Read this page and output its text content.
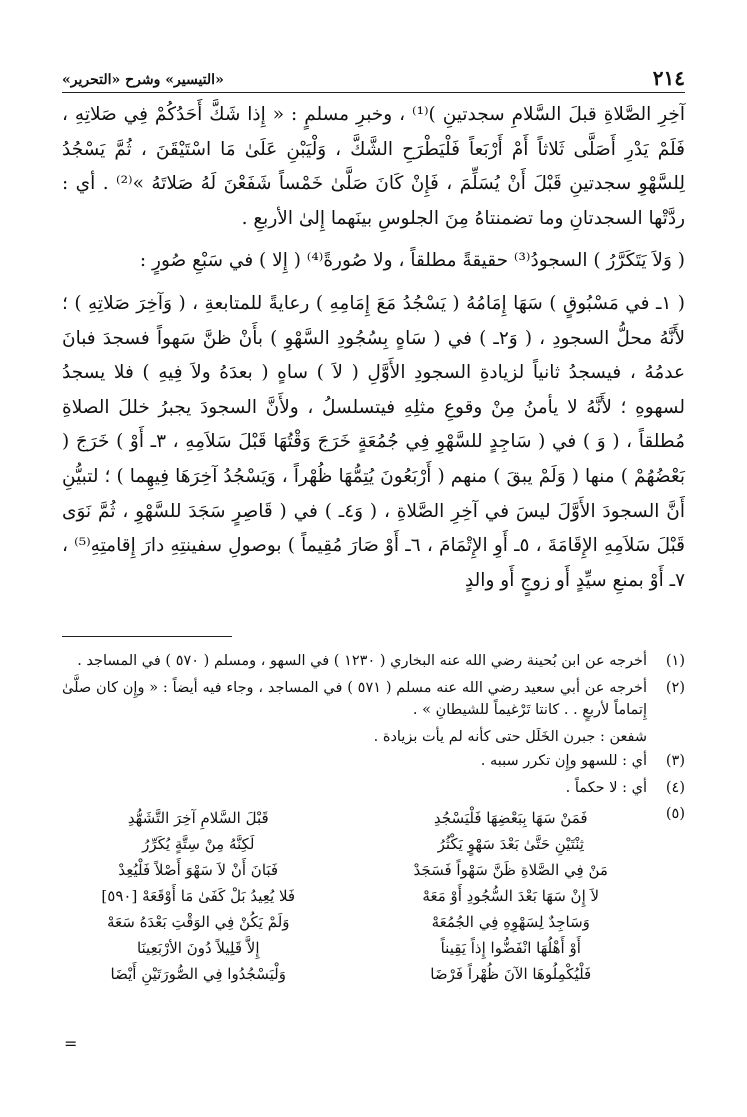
«التيسير» وشرح «التحرير»	٢١٤

آخِرِ الصَّلاةِ قبلَ السَّلامِ سجدتينِ )⁽¹⁾ ، وخبرِ مسلمٍ : « إِذا شَكَّ أَحَدُكُمْ فِي صَلاتِهِ ، فَلَمْ يَدْرِ أَصَلَّى ثَلاثاً أَمْ أَرْبَعاً فَلْيَطْرَحِ الشَّكَّ ، وَلْيَبْنِ عَلَىٰ مَا اسْتَيْقَنَ ، ثُمَّ يَسْجُدُ لِلسَّهْوِ سجدتينِ قَبْلَ أَنْ يُسَلِّمَ ، فَإِنْ كَانَ صَلَّىٰ خَمْساً شَفَعْنَ لَهُ صَلاتَهُ »⁽²⁾ . أي : ردَّتْها السجدتانِ وما تضمنتاهُ مِنَ الجلوسِ بينَهما إِلىٰ الأربعِ .

( وَلاَ يَتَكَرَّرُ ) السجودُ⁽³⁾ حقيقةً مطلقاً ، ولا صُورةً⁽⁴⁾ ( إِلا ) في سَبْعِ صُورٍ :

( ١ـ في مَسْبُوقٍ ) سَهَا إِمَامُهُ ( يَسْجُدُ مَعَ إِمَامِهِ ) رعايةً للمتابعةِ ، ( وَآخِرَ صَلاتِهِ ) ؛ لأَنَّهُ محلُّ السجودِ ، ( وَ٢ـ ) في ( سَاهٍ بِسُجُودِ السَّهْوِ ) بأَنْ ظنَّ سَهواً فسجدَ فبانَ عدمُهُ ، فيسجدُ ثانياً لزيادةِ السجودِ الأَوَّلِ ( لاَ ) ساهٍ ( بعدَهُ ولاَ فِيهِ ) فلا يسجدُ لسهوهِ ؛ لأَنَّهُ لا يأمنُ مِنْ وقوعِ مثلِهِ فيتسلسلُ ، ولأَنَّ السجودَ يجبرُ خللَ الصلاةِ مُطلقاً ، ( وَ ) في ( سَاجِدٍ للسَّهْوِ فِي جُمُعَةٍ خَرَجَ وَقْتُهَا قَبْلَ سَلاَمِهِ ، ٣ـ أَوْ ) خَرَجَ ( بَعْضُهُمْ ) منها ( وَلَمْ يبقَ ) منهم ( أَرْبَعُونَ يُتِمُّهَا ظُهْراً ، وَيَسْجُدُ آخِرَهَا فِيهِما ) ؛ لتبيُّنِ أَنَّ السجودَ الأَوَّلَ ليسَ في آخِرِ الصَّلاةِ ، ( وَ٤ـ ) في ( قَاصِرٍ سَجَدَ للسَّهْوِ ، ثُمَّ نَوَى قَبْلَ سَلاَمِهِ الإِقَامَةَ ، ٥ـ أَوِ الإِتْمَامَ ، ٦ـ أَوْ صَارَ مُقِيماً ) بوصولِ سفينتِهِ دارَ إِقامتِهِ⁽⁵⁾ ، ٧ـ أَوْ بمنعِ سيِّدٍ أَو زوجٍ أَو والدٍ

(١)
أخرجه عن ابن بُحينة رضي الله عنه البخاري ( ١٢٣٠ ) في السهو ، ومسلم ( ٥٧٠ ) في المساجد .
(٢)
أخرجه عن أبي سعيد رضي الله عنه مسلم ( ٥٧١ ) في المساجد ، وجاء فيه أيضاً : « وإِن كان صلَّىٰ إِتماماً لأربعٍ . . كانتا تَرْغيماً للشيطانِ » .
شفعن : جبرن الخَلَل حتى كأنه لم يأت بزيادة .
(٣)
أي : للسهو وإِن تكرر سببه .
(٤)
أي : لا حكماً .
(٥)
فَمَنْ سَهَا بِبَعْضِهَا فَلْيَسْجُدِ
قَبْلَ السَّلامِ آخِرَ التَّشَهُّدِ
ثِنْتَيْنِ حَتَّىٰ بَعْدَ سَهْوٍ يَكْثُرُ
لَكِنَّهُ مِنْ سِتَّةٍ يُكَرِّرُ
مَنْ فِي الصَّلاةِ ظَنَّ سَهْواً فَسَجَدْ
فَبَانَ أَنْ لاَ سَهْوَ أَصْلاً فَلْيُعِدْ
لاَ إِنْ سَهَا بَعْدَ السُّجُودِ أَوْ مَعَهْ
فَلا يُعِيدُ بَلْ كَفَىٰ مَا أَوْقَعَهْ [٥٩٠]
وَسَاجِدٌ لِسَهْوِهِ فِي الجُمُعَهْ
وَلَمْ يَكُنْ فِي الوَقْتِ بَعْدَهُ سَعَهْ
أَوْ أَهْلُهَا انْفَضُّوا إِذاً يَقِيناً
إِلاَّ قَلِيلاً دُونَ الأرْبَعِينَا
فَلْيُكْمِلُوهَا الآنَ ظُهْراً فَرْضَا
وَلْيَسْجُدُوا فِي الصُّورَتَيْنِ أَيْضَا
=
